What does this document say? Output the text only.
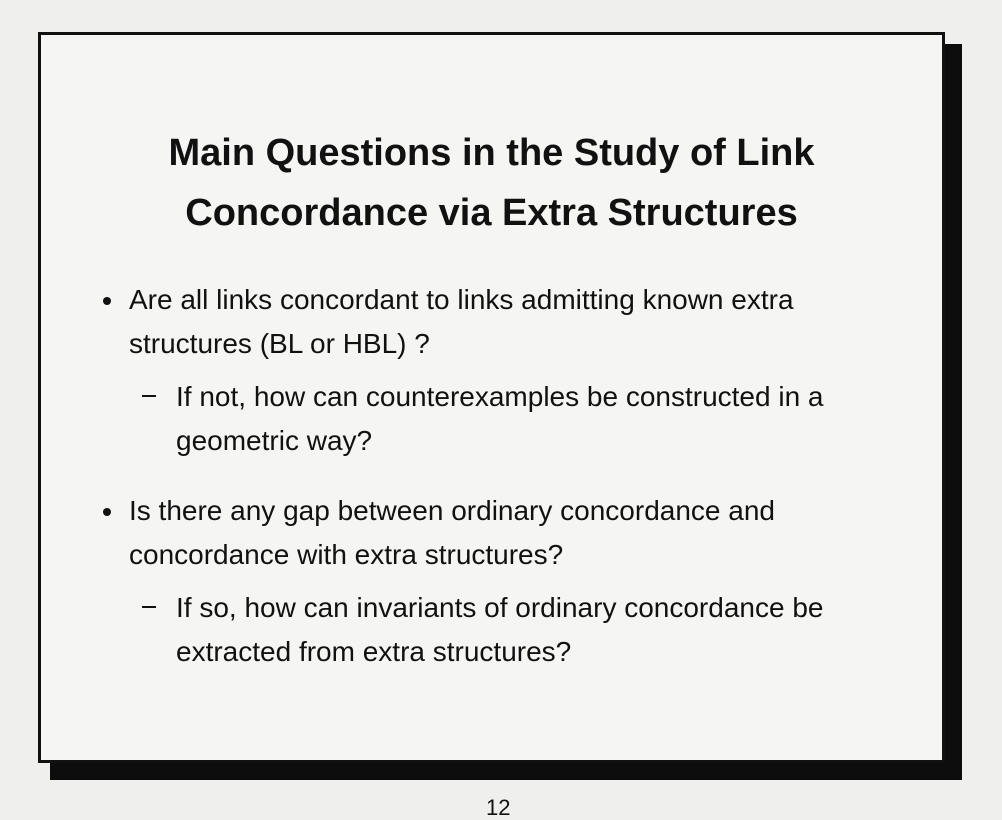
Main Questions in the Study of Link
Concordance via Extra Structures
Are all links concordant to links admitting known extra
structures (BL or HBL) ?
If not, how can counterexamples be constructed in a
geometric way?
Is there any gap between ordinary concordance and
concordance with extra structures?
If so, how can invariants of ordinary concordance be
extracted from extra structures?
12
